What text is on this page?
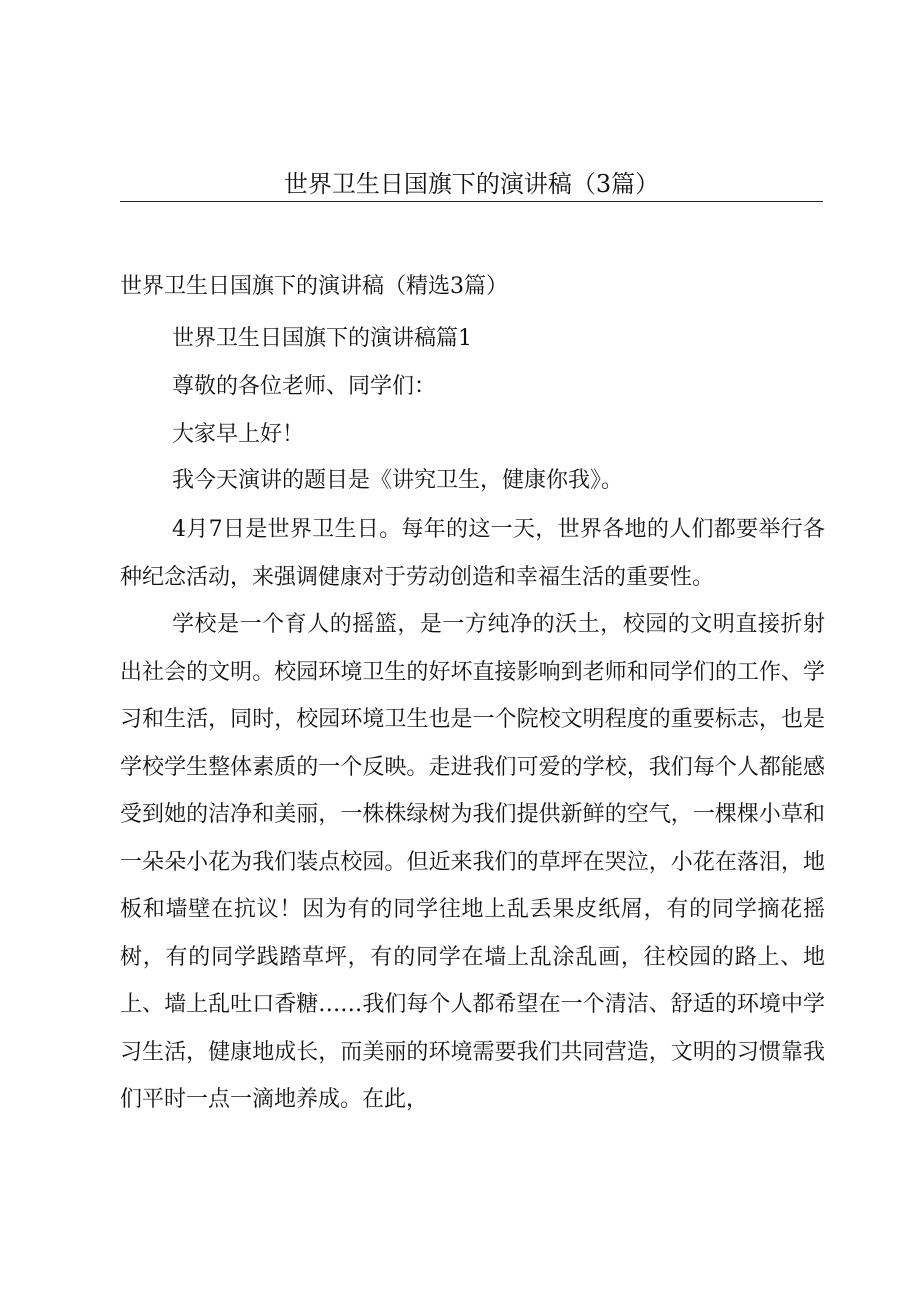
世界卫生日国旗下的演讲稿（3篇）
世界卫生日国旗下的演讲稿（精选3篇）
世界卫生日国旗下的演讲稿篇1
尊敬的各位老师、同学们：
大家早上好！
我今天演讲的题目是《讲究卫生，健康你我》。

4月7日是世界卫生日。每年的这一天，世界各地的人们都要举行各种纪念活动，来强调健康对于劳动创造和幸福生活的重要性。

学校是一个育人的摇篮，是一方纯净的沃土，校园的文明直接折射出社会的文明。校园环境卫生的好坏直接影响到老师和同学们的工作、学习和生活，同时，校园环境卫生也是一个院校文明程度的重要标志，也是学校学生整体素质的一个反映。走进我们可爱的学校，我们每个人都能感受到她的洁净和美丽，一株株绿树为我们提供新鲜的空气，一棵棵小草和一朵朵小花为我们装点校园。但近来我们的草坪在哭泣，小花在落泪，地板和墙壁在抗议！因为有的同学往地上乱丢果皮纸屑，有的同学摘花摇树，有的同学践踏草坪，有的同学在墙上乱涂乱画，往校园的路上、地上、墙上乱吐口香糖……我们每个人都希望在一个清洁、舒适的环境中学习生活，健康地成长，而美丽的环境需要我们共同营造，文明的习惯靠我们平时一点一滴地养成。在此，
